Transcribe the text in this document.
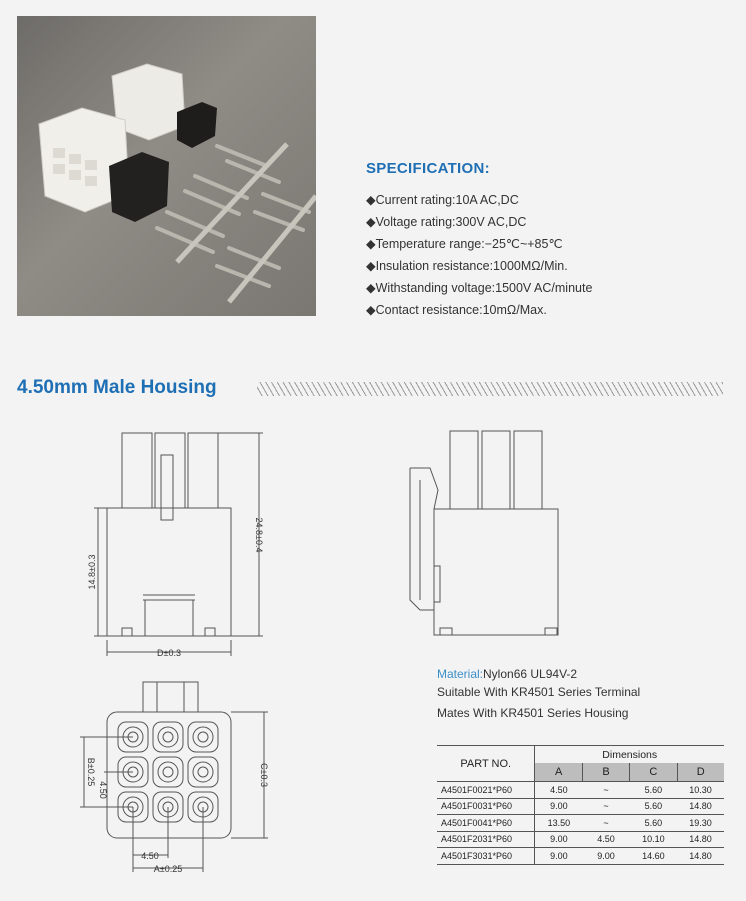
SPECIFICATION:
◆Current rating:10A AC,DC
◆Voltage rating:300V AC,DC
◆Temperature range:−25℃~+85℃
◆Insulation resistance:1000MΩ/Min.
◆Withstanding voltage:1500V AC/minute
◆Contact resistance:10mΩ/Max.
4.50mm Male Housing
24.8±0.4
14.8±0.3
D±0.3
B±0.25
4.50
C±0.3
4.50
A±0.25
Material:Nylon66 UL94V-2
Suitable With KR4501 Series Terminal
Mates With KR4501 Series Housing
PART NO.	Dimensions			
	A	B	C	D
A4501F0021*P60	4.50	~	5.60	10.30
A4501F0031*P60	9.00	~	5.60	14.80
A4501F0041*P60	13.50	~	5.60	19.30
A4501F2031*P60	9.00	4.50	10.10	14.80
A4501F3031*P60	9.00	9.00	14.60	14.80
